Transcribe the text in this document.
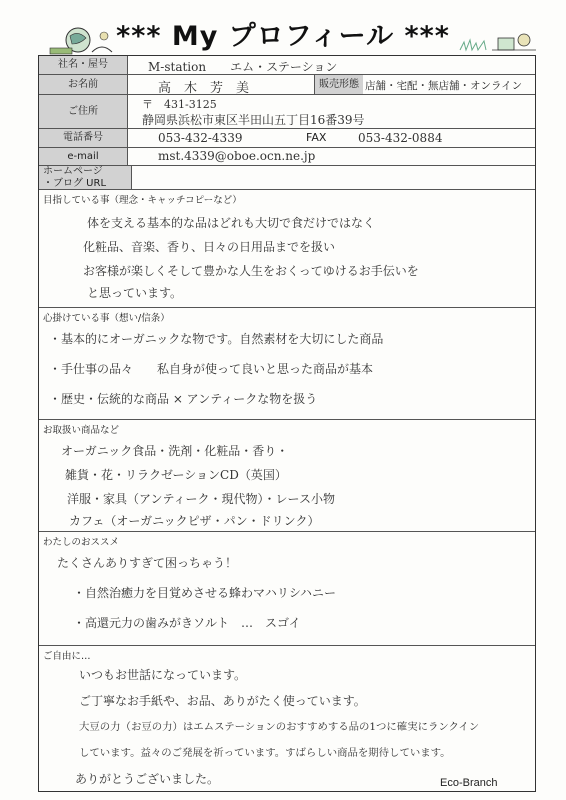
*** My プロフィール ***
社名・屋号	M-station　　エム・ステーション
お名前	高　木　芳　美	販売形態 店舗・宅配・無店舗・オンライン
ご住所	〒　431-3125
静岡県浜松市東区半田山五丁目16番39号
電話番号	053-432-4339	FAX	053-432-0884
e-mail	mst.4339@oboe.ocn.ne.jp
ホームページ
・ブログ URL
目指している事（理念・キャッチコピーなど）
体を支える基本的な品はどれも大切で食だけではなく
化粧品、音楽、香り、日々の日用品までを扱い
お客様が楽しくそして豊かな人生をおくってゆけるお手伝いを
と思っています。
心掛けている事（想い/信条）
・基本的にオーガニックな物です。自然素材を大切にした商品
・手仕事の品々　　私自身が使って良いと思った商品が基本
・歴史・伝統的な商品 × アンティークな物を扱う
お取扱い商品など
オーガニック食品・洗剤・化粧品・香り・
雑貨・花・リラクゼーションCD（英国）
洋服・家具（アンティーク・現代物）・レース小物
カフェ（オーガニックピザ・パン・ドリンク）
わたしのおススメ
たくさんありすぎて困っちゃう！
・自然治癒力を目覚めさせる蜂わマハリシハニー
・高還元力の歯みがきソルト　…　スゴイ
ご自由に…
いつもお世話になっています。
ご丁寧なお手紙や、お品、ありがたく使っています。
大豆の力（お豆の力）はエムステーションのおすすめする品の1つに確実にランクイン
しています。益々のご発展を祈っています。すばらしい商品を期待しています。
ありがとうございました。	Eco-Branch
